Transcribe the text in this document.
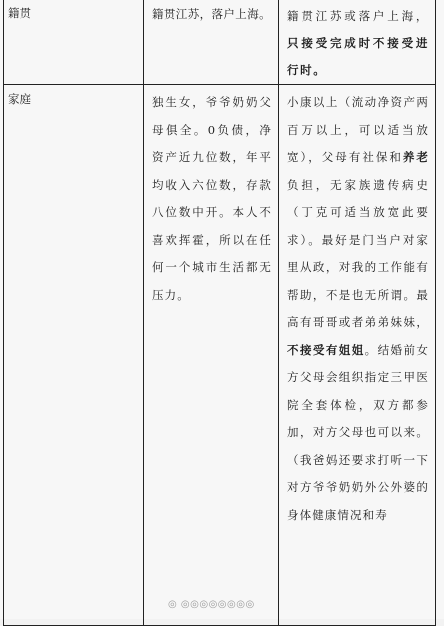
籍贯	籍贯江苏，落户上海。	籍贯江苏或落户上海，只接受完成时不接受进行时。

家庭	独生女，爷爷奶奶父母俱全。0负债，净资产近九位数，年平均收入六位数，存款八位数中开。本人不喜欢挥霍，所以在任何一个城市生活都无压力。	小康以上（流动净资产两百万以上，可以适当放宽），父母有社保和养老负担，无家族遗传病史（丁克可适当放宽此要求）。最好是门当户对家里从政，对我的工作能有帮助，不是也无所谓。最高有哥哥或者弟弟妹妹，不接受有姐姐。结婚前女方父母会组织指定三甲医院全套体检，双方都参加，对方父母也可以来。（我爸妈还要求打听一下对方爷爷奶奶外公外婆的身体健康情况和寿
◎ ◎◎◎◎◎◎◎◎
